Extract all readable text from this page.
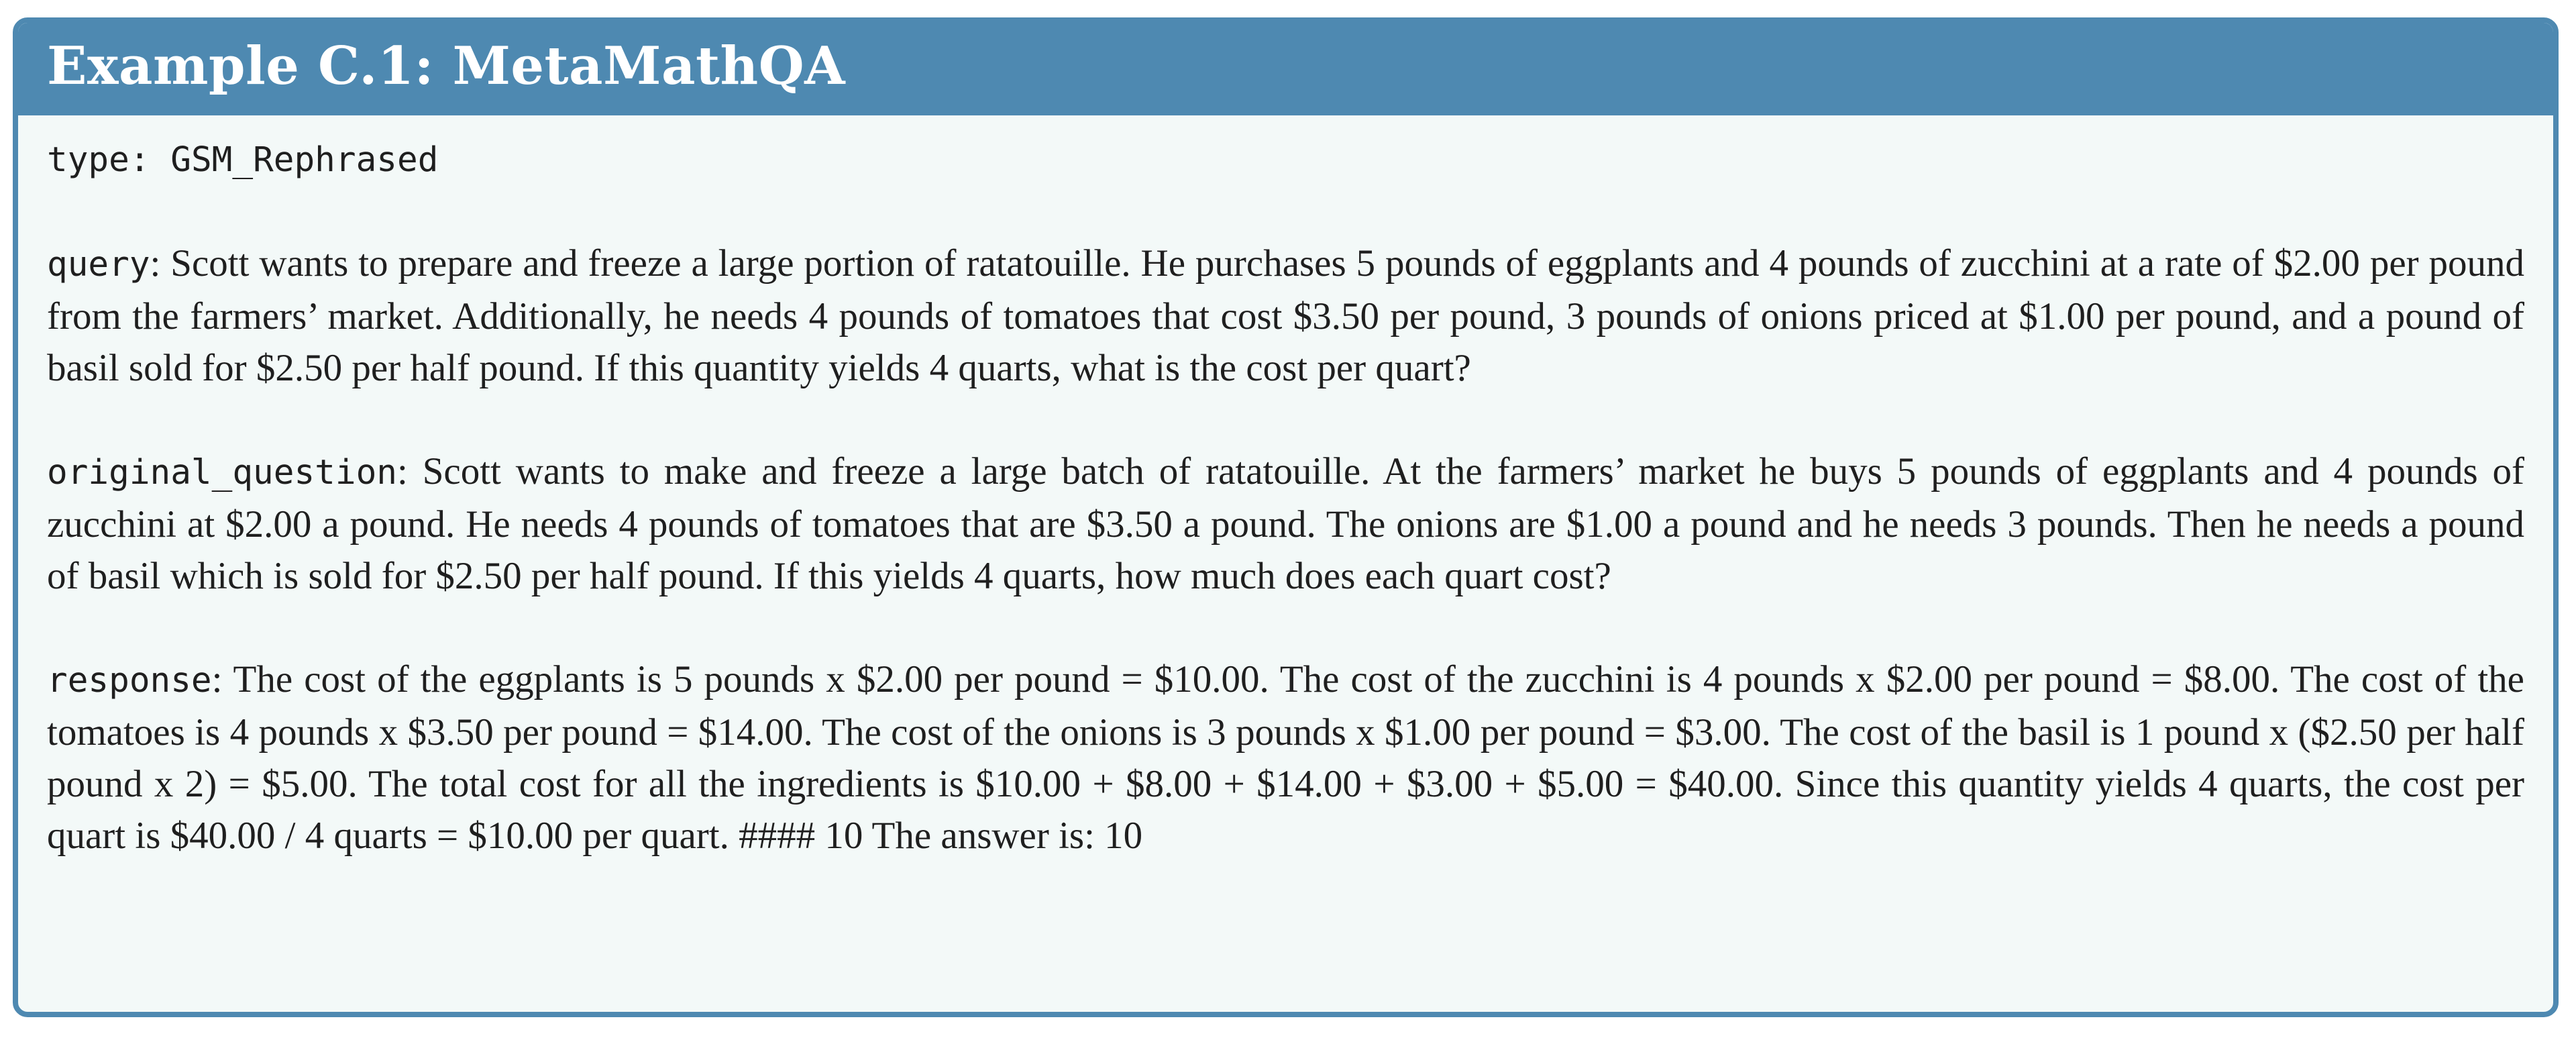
Example C.1: MetaMathQA

type: GSM_Rephrased

query: Scott wants to prepare and freeze a large portion of ratatouille. He purchases 5 pounds of eggplants and 4 pounds of zucchini at a rate of $2.00 per pound from the farmers’ market. Additionally, he needs 4 pounds of tomatoes that cost $3.50 per pound, 3 pounds of onions priced at $1.00 per pound, and a pound of basil sold for $2.50 per half pound. If this quantity yields 4 quarts, what is the cost per quart?

original_question: Scott wants to make and freeze a large batch of ratatouille. At the farmers’ market he buys 5 pounds of eggplants and 4 pounds of zucchini at $2.00 a pound. He needs 4 pounds of tomatoes that are $3.50 a pound. The onions are $1.00 a pound and he needs 3 pounds. Then he needs a pound of basil which is sold for $2.50 per half pound. If this yields 4 quarts, how much does each quart cost?

response: The cost of the eggplants is 5 pounds x $2.00 per pound = $10.00. The cost of the zucchini is 4 pounds x $2.00 per pound = $8.00. The cost of the tomatoes is 4 pounds x $3.50 per pound = $14.00. The cost of the onions is 3 pounds x $1.00 per pound = $3.00. The cost of the basil is 1 pound x ($2.50 per half pound x 2) = $5.00. The total cost for all the ingredients is $10.00 + $8.00 + $14.00 + $3.00 + $5.00 = $40.00. Since this quantity yields 4 quarts, the cost per quart is $40.00 / 4 quarts = $10.00 per quart. #### 10 The answer is: 10
